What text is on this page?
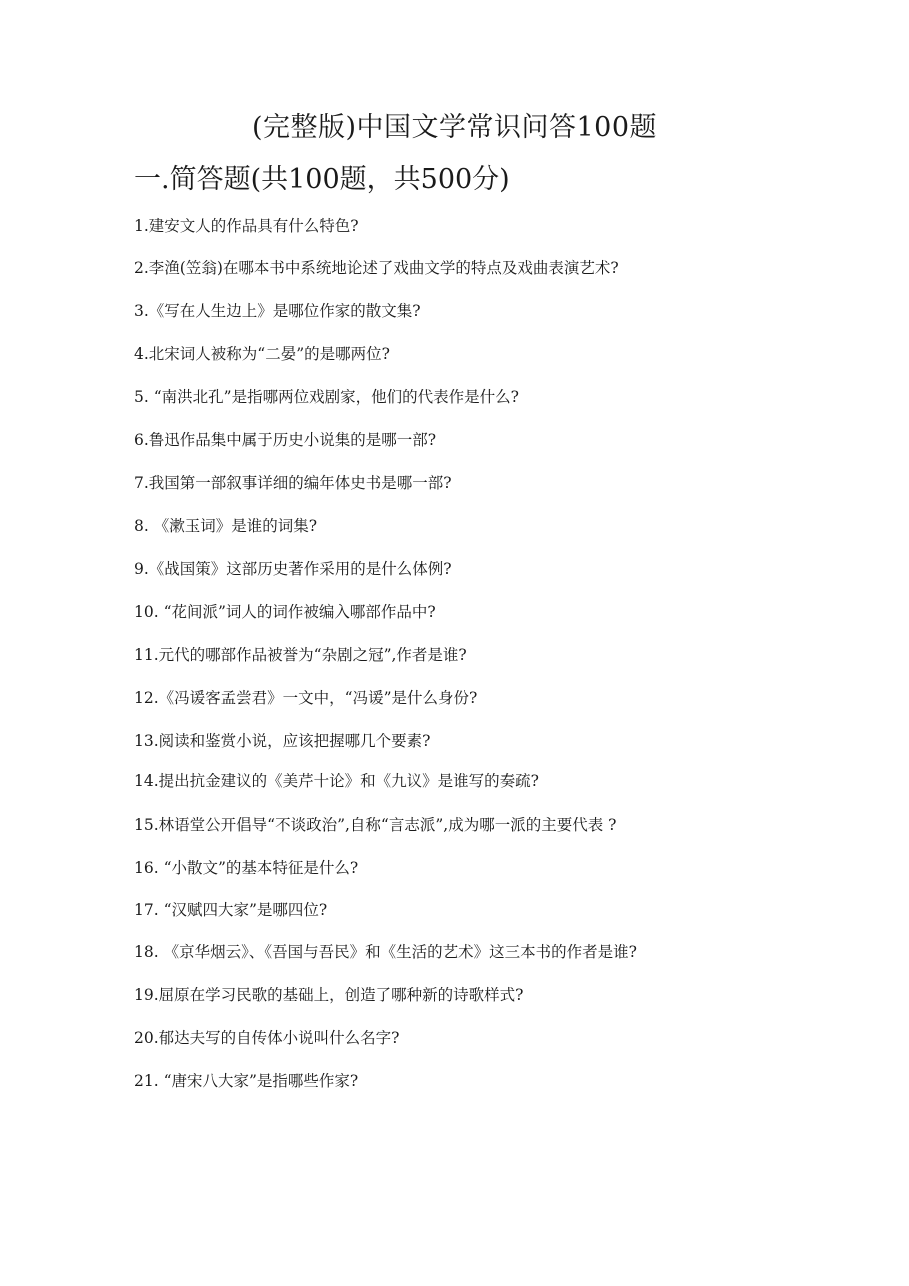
(完整版)中国文学常识问答100题
一.简答题(共100题，共500分)
1.建安文人的作品具有什么特色?
2.李渔(笠翁)在哪本书中系统地论述了戏曲文学的特点及戏曲表演艺术?
3.《写在人生边上》是哪位作家的散文集?
4.北宋词人被称为“二晏”的是哪两位?
5. “南洪北孔”是指哪两位戏剧家，他们的代表作是什么?
6.鲁迅作品集中属于历史小说集的是哪一部?
7.我国第一部叙事详细的编年体史书是哪一部?
8. 《漱玉词》是谁的词集?
9.《战国策》这部历史著作采用的是什么体例?
10. “花间派”词人的词作被编入哪部作品中?
11.元代的哪部作品被誉为“杂剧之冠”,作者是谁?
12.《冯谖客孟尝君》一文中，“冯谖”是什么身份?
13.阅读和鉴赏小说，应该把握哪几个要素?
14.提出抗金建议的《美芹十论》和《九议》是谁写的奏疏?
15.林语堂公开倡导“不谈政治”,自称“言志派”,成为哪一派的主要代表 ?
16. “小散文”的基本特征是什么?
17. “汉赋四大家”是哪四位?
18. 《京华烟云》、《吾国与吾民》和《生活的艺术》这三本书的作者是谁?
19.屈原在学习民歌的基础上，创造了哪种新的诗歌样式?
20.郁达夫写的自传体小说叫什么名字?
21. “唐宋八大家”是指哪些作家?
